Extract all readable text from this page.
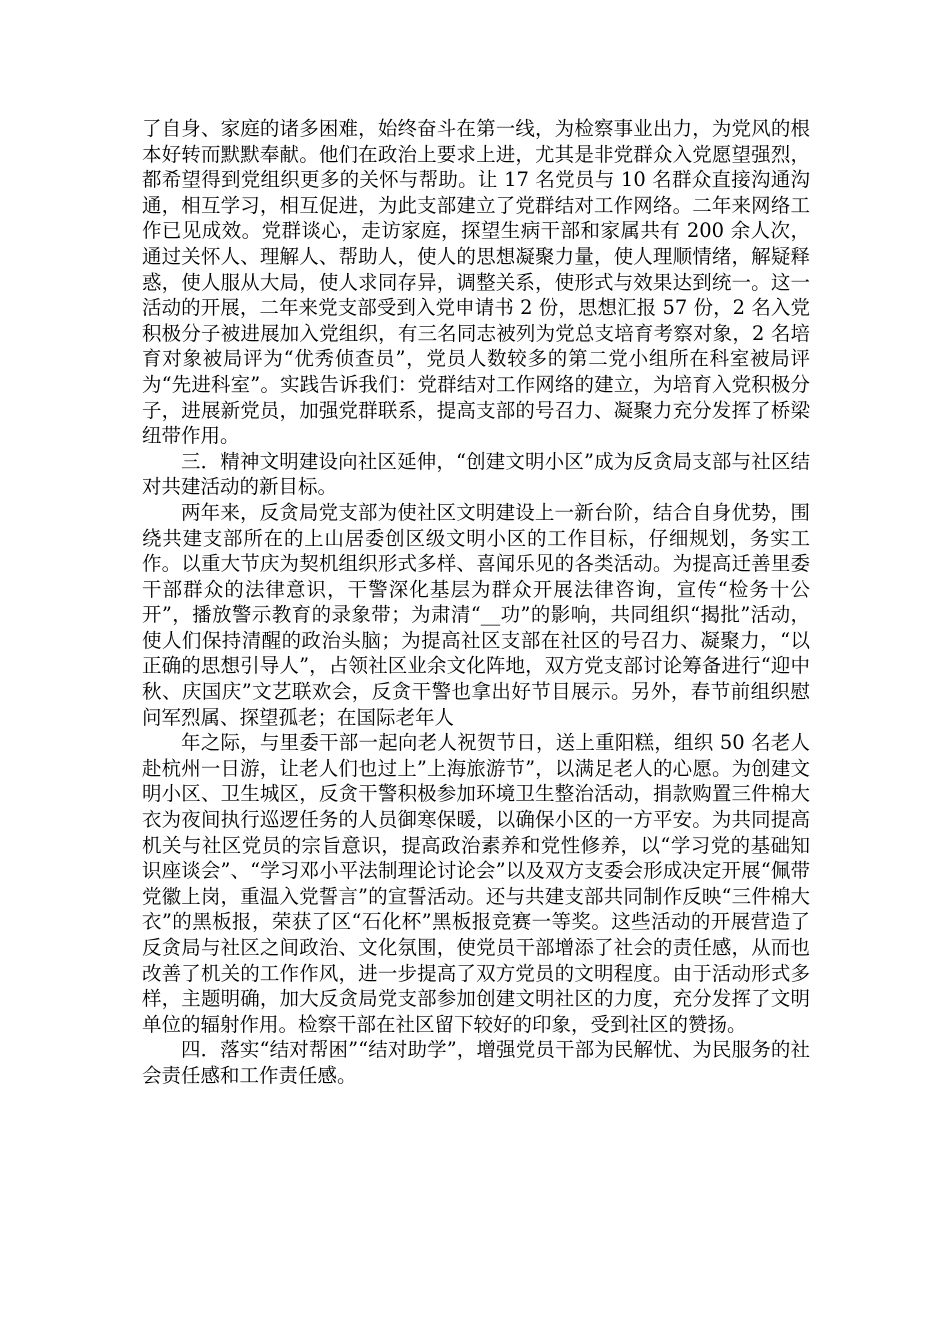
了自身、家庭的诸多困难，始终奋斗在第一线，为检察事业出力，为党风的根本好转而默默奉献。他们在政治上要求上进，尤其是非党群众入党愿望强烈，都希望得到党组织更多的关怀与帮助。让 17 名党员与 10 名群众直接沟通沟通，相互学习，相互促进，为此支部建立了党群结对工作网络。二年来网络工作已见成效。党群谈心，走访家庭，探望生病干部和家属共有 200 余人次，通过关怀人、理解人、帮助人，使人的思想凝聚力量，使人理顺情绪，解疑释惑，使人服从大局，使人求同存异，调整关系，使形式与效果达到统一。这一活动的开展，二年来党支部受到入党申请书 2 份，思想汇报 57 份，2 名入党积极分子被进展加入党组织，有三名同志被列为党总支培育考察对象，2 名培育对象被局评为“优秀侦查员”，党员人数较多的第二党小组所在科室被局评为“先进科室”。实践告诉我们：党群结对工作网络的建立，为培育入党积极分子，进展新党员，加强党群联系，提高支部的号召力、凝聚力充分发挥了桥梁纽带作用。

三．精神文明建设向社区延伸，“创建文明小区”成为反贪局支部与社区结对共建活动的新目标。

两年来，反贪局党支部为使社区文明建设上一新台阶，结合自身优势，围绕共建支部所在的上山居委创区级文明小区的工作目标，仔细规划，务实工作。以重大节庆为契机组织形式多样、喜闻乐见的各类活动。为提高迁善里委干部群众的法律意识，干警深化基层为群众开展法律咨询，宣传“检务十公开”，播放警示教育的录象带；为肃清“__功”的影响，共同组织“揭批”活动，使人们保持清醒的政治头脑；为提高社区支部在社区的号召力、凝聚力，“以正确的思想引导人”，占领社区业余文化阵地，双方党支部讨论筹备进行“迎中秋、庆国庆”文艺联欢会，反贪干警也拿出好节目展示。另外，春节前组织慰问军烈属、探望孤老；在国际老年人

年之际，与里委干部一起向老人祝贺节日，送上重阳糕，组织 50 名老人赴杭州一日游，让老人们也过上”上海旅游节”，以满足老人的心愿。为创建文明小区、卫生城区，反贪干警积极参加环境卫生整治活动，捐款购置三件棉大衣为夜间执行巡逻任务的人员御寒保暖，以确保小区的一方平安。为共同提高机关与社区党员的宗旨意识，提高政治素养和党性修养，以“学习党的基础知识座谈会”、“学习邓小平法制理论讨论会”以及双方支委会形成决定开展“佩带党徽上岗，重温入党誓言”的宣誓活动。还与共建支部共同制作反映“三件棉大衣”的黑板报，荣获了区“石化杯”黑板报竞赛一等奖。这些活动的开展营造了反贪局与社区之间政治、文化氛围，使党员干部增添了社会的责任感，从而也改善了机关的工作作风，进一步提高了双方党员的文明程度。由于活动形式多样，主题明确，加大反贪局党支部参加创建文明社区的力度，充分发挥了文明单位的辐射作用。检察干部在社区留下较好的印象，受到社区的赞扬。

四．落实“结对帮困”“结对助学”，增强党员干部为民解忧、为民服务的社会责任感和工作责任感。
